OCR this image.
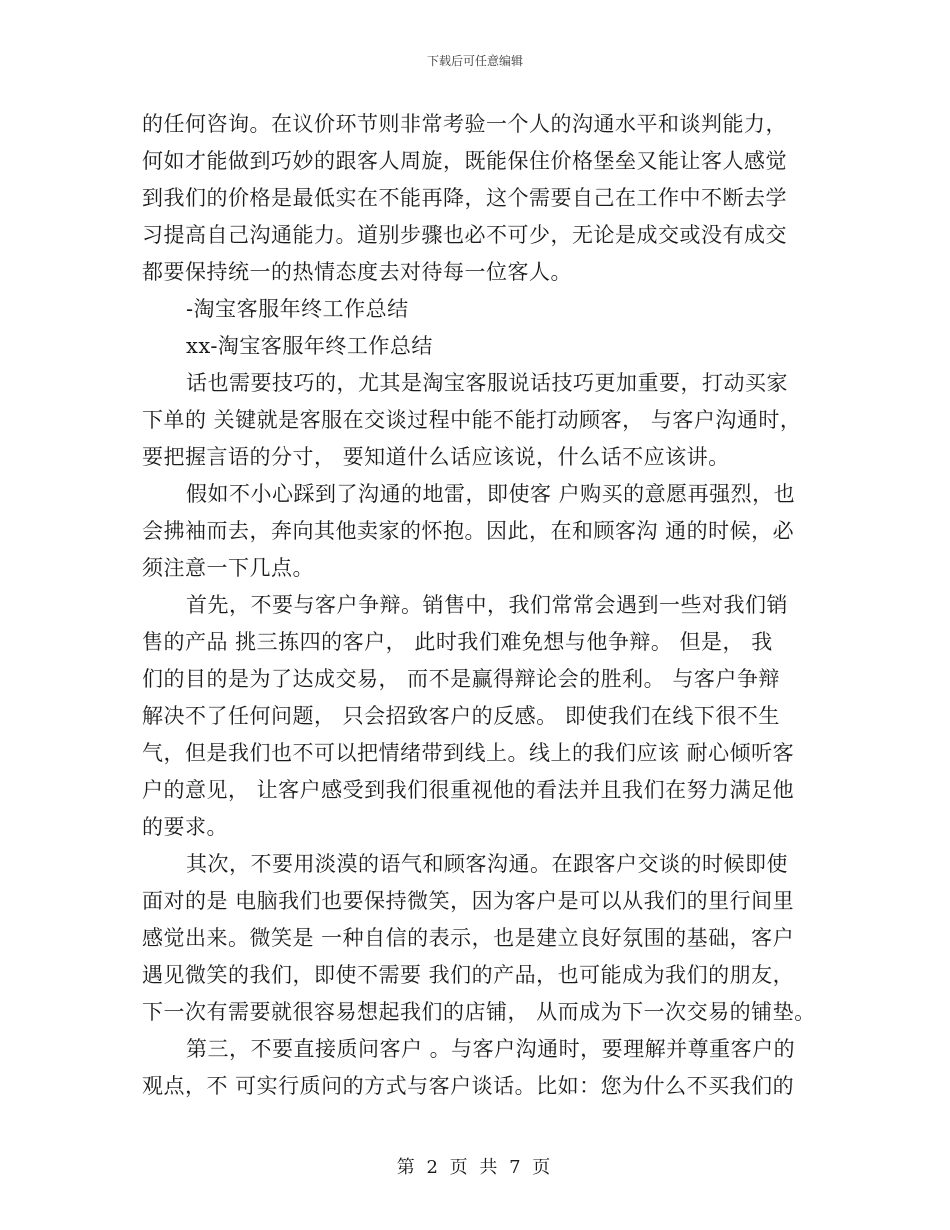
下载后可任意编辑
的任何咨询。在议价环节则非常考验一个人的沟通水平和谈判能力，
何如才能做到巧妙的跟客人周旋，既能保住价格堡垒又能让客人感觉
到我们的价格是最低实在不能再降，这个需要自己在工作中不断去学
习提高自己沟通能力。道别步骤也必不可少，无论是成交或没有成交
都要保持统一的热情态度去对待每一位客人。
-淘宝客服年终工作总结
xx-淘宝客服年终工作总结
话也需要技巧的，尤其是淘宝客服说话技巧更加重要，打动买家
下单的 关键就是客服在交谈过程中能不能打动顾客， 与客户沟通时，
要把握言语的分寸， 要知道什么话应该说，什么话不应该讲。
假如不小心踩到了沟通的地雷，即使客 户购买的意愿再强烈，也
会拂袖而去，奔向其他卖家的怀抱。因此，在和顾客沟 通的时候，必
须注意一下几点。
首先，不要与客户争辩。销售中，我们常常会遇到一些对我们销
售的产品 挑三拣四的客户， 此时我们难免想与他争辩。 但是， 我
们的目的是为了达成交易， 而不是赢得辩论会的胜利。 与客户争辩
解决不了任何问题， 只会招致客户的反感。 即使我们在线下很不生
气，但是我们也不可以把情绪带到线上。线上的我们应该 耐心倾听客
户的意见， 让客户感受到我们很重视他的看法并且我们在努力满足他
的要求。
其次，不要用淡漠的语气和顾客沟通。在跟客户交谈的时候即使
面对的是 电脑我们也要保持微笑，因为客户是可以从我们的里行间里
感觉出来。微笑是 一种自信的表示，也是建立良好氛围的基础，客户
遇见微笑的我们，即使不需要 我们的产品，也可能成为我们的朋友，
下一次有需要就很容易想起我们的店铺， 从而成为下一次交易的铺垫。
第三，不要直接质问客户 。与客户沟通时，要理解并尊重客户的
观点，不 可实行质问的方式与客户谈话。比如：您为什么不买我们的
第 2 页 共 7 页
